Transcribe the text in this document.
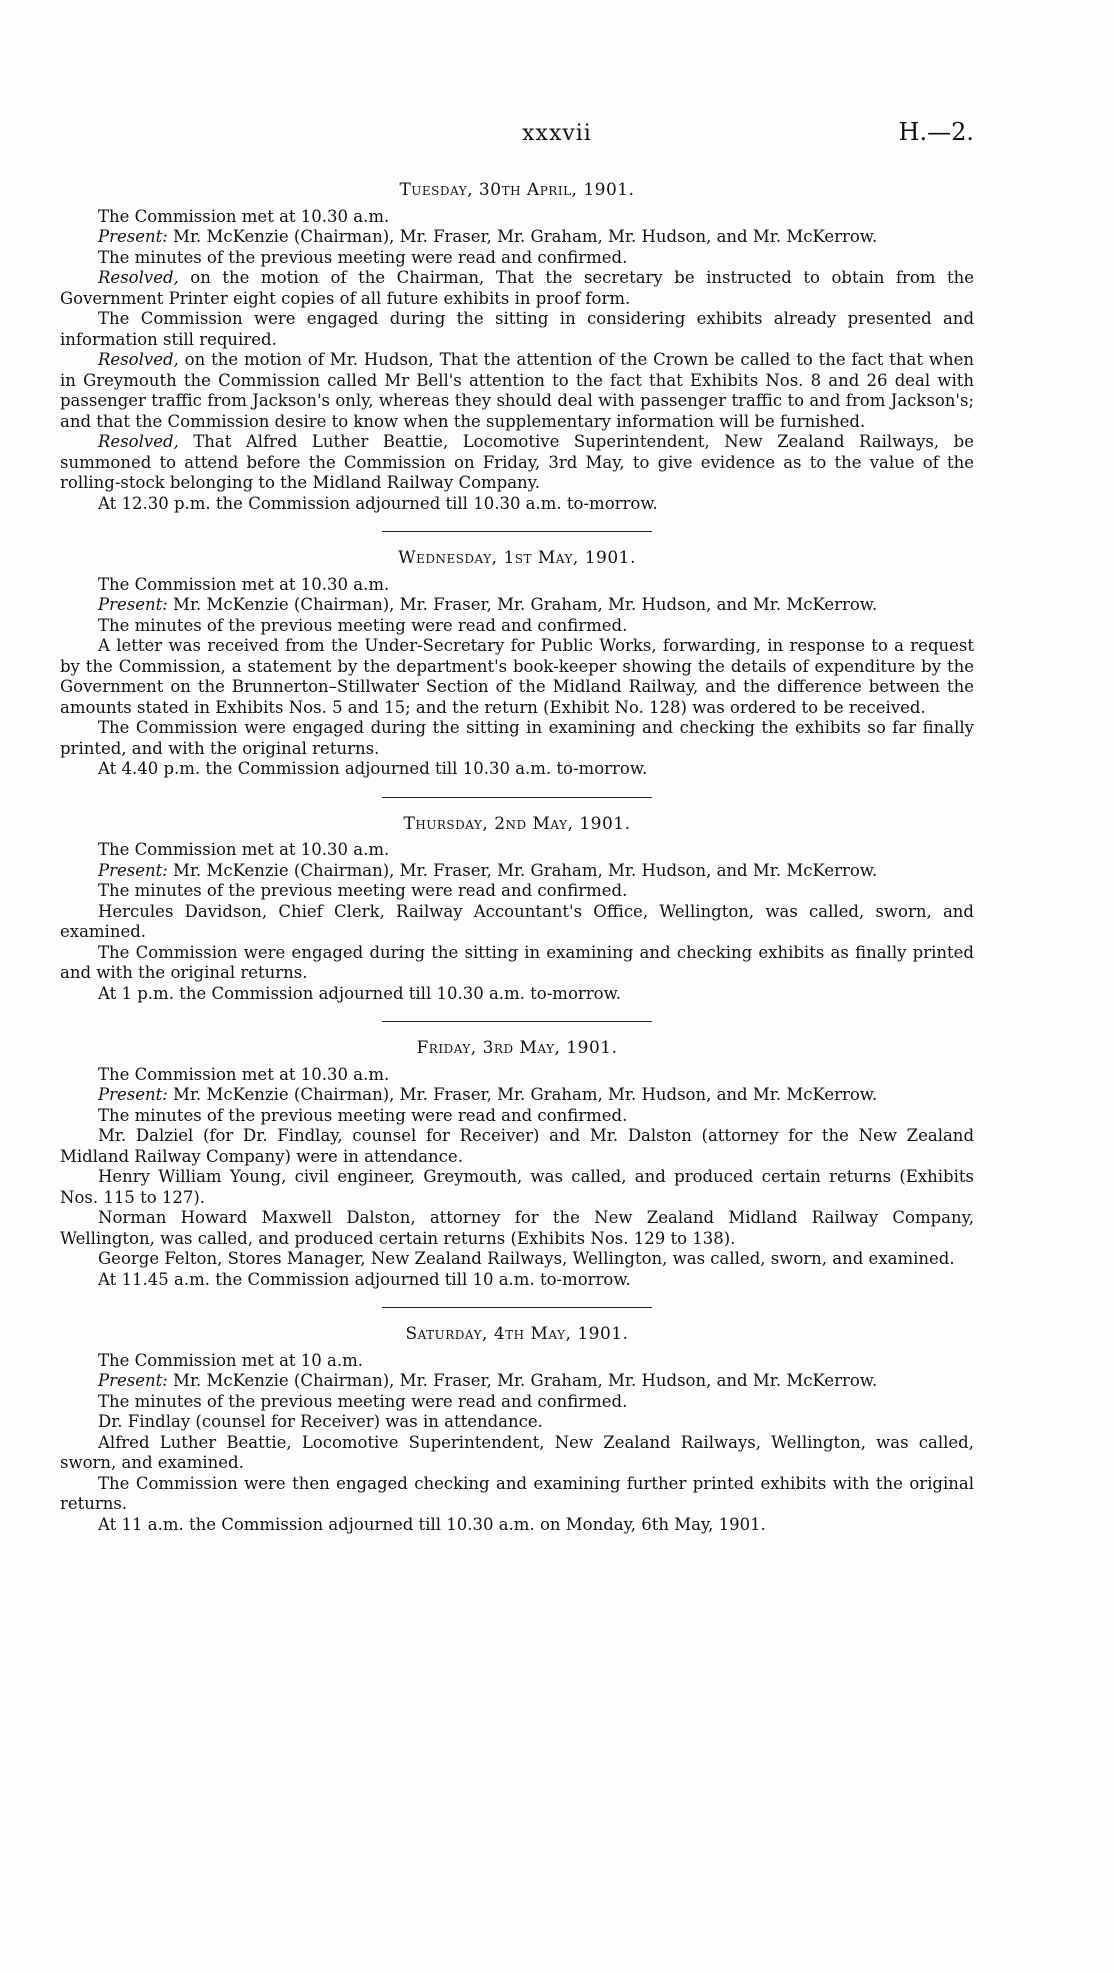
xxxvii	H.—2.
Tuesday, 30th April, 1901.

The Commission met at 10.30 a.m.

Present: Mr. McKenzie (Chairman), Mr. Fraser, Mr. Graham, Mr. Hudson, and Mr. McKerrow.

The minutes of the previous meeting were read and confirmed.

Resolved, on the motion of the Chairman, That the secretary be instructed to obtain from the Government Printer eight copies of all future exhibits in proof form.

The Commission were engaged during the sitting in considering exhibits already presented and information still required.

Resolved, on the motion of Mr. Hudson, That the attention of the Crown be called to the fact that when in Greymouth the Commission called Mr Bell's attention to the fact that Exhibits Nos. 8 and 26 deal with passenger traffic from Jackson's only, whereas they should deal with passenger traffic to and from Jackson's; and that the Commission desire to know when the supplementary information will be furnished.

Resolved, That Alfred Luther Beattie, Locomotive Superintendent, New Zealand Railways, be summoned to attend before the Commission on Friday, 3rd May, to give evidence as to the value of the rolling-stock belonging to the Midland Railway Company.

At 12.30 p.m. the Commission adjourned till 10.30 a.m. to-morrow.

Wednesday, 1st May, 1901.

The Commission met at 10.30 a.m.

Present: Mr. McKenzie (Chairman), Mr. Fraser, Mr. Graham, Mr. Hudson, and Mr. McKerrow.

The minutes of the previous meeting were read and confirmed.

A letter was received from the Under-Secretary for Public Works, forwarding, in response to a request by the Commission, a statement by the department's book-keeper showing the details of expenditure by the Government on the Brunnerton–Stillwater Section of the Midland Railway, and the difference between the amounts stated in Exhibits Nos. 5 and 15; and the return (Exhibit No. 128) was ordered to be received.

The Commission were engaged during the sitting in examining and checking the exhibits so far finally printed, and with the original returns.

At 4.40 p.m. the Commission adjourned till 10.30 a.m. to-morrow.

Thursday, 2nd May, 1901.

The Commission met at 10.30 a.m.

Present: Mr. McKenzie (Chairman), Mr. Fraser, Mr. Graham, Mr. Hudson, and Mr. McKerrow.

The minutes of the previous meeting were read and confirmed.

Hercules Davidson, Chief Clerk, Railway Accountant's Office, Wellington, was called, sworn, and examined.

The Commission were engaged during the sitting in examining and checking exhibits as finally printed and with the original returns.

At 1 p.m. the Commission adjourned till 10.30 a.m. to-morrow.

Friday, 3rd May, 1901.

The Commission met at 10.30 a.m.

Present: Mr. McKenzie (Chairman), Mr. Fraser, Mr. Graham, Mr. Hudson, and Mr. McKerrow.

The minutes of the previous meeting were read and confirmed.

Mr. Dalziel (for Dr. Findlay, counsel for Receiver) and Mr. Dalston (attorney for the New Zealand Midland Railway Company) were in attendance.

Henry William Young, civil engineer, Greymouth, was called, and produced certain returns (Exhibits Nos. 115 to 127).

Norman Howard Maxwell Dalston, attorney for the New Zealand Midland Railway Company, Wellington, was called, and produced certain returns (Exhibits Nos. 129 to 138).

George Felton, Stores Manager, New Zealand Railways, Wellington, was called, sworn, and examined.

At 11.45 a.m. the Commission adjourned till 10 a.m. to-morrow.

Saturday, 4th May, 1901.

The Commission met at 10 a.m.

Present: Mr. McKenzie (Chairman), Mr. Fraser, Mr. Graham, Mr. Hudson, and Mr. McKerrow.

The minutes of the previous meeting were read and confirmed.

Dr. Findlay (counsel for Receiver) was in attendance.

Alfred Luther Beattie, Locomotive Superintendent, New Zealand Railways, Wellington, was called, sworn, and examined.

The Commission were then engaged checking and examining further printed exhibits with the original returns.

At 11 a.m. the Commission adjourned till 10.30 a.m. on Monday, 6th May, 1901.
